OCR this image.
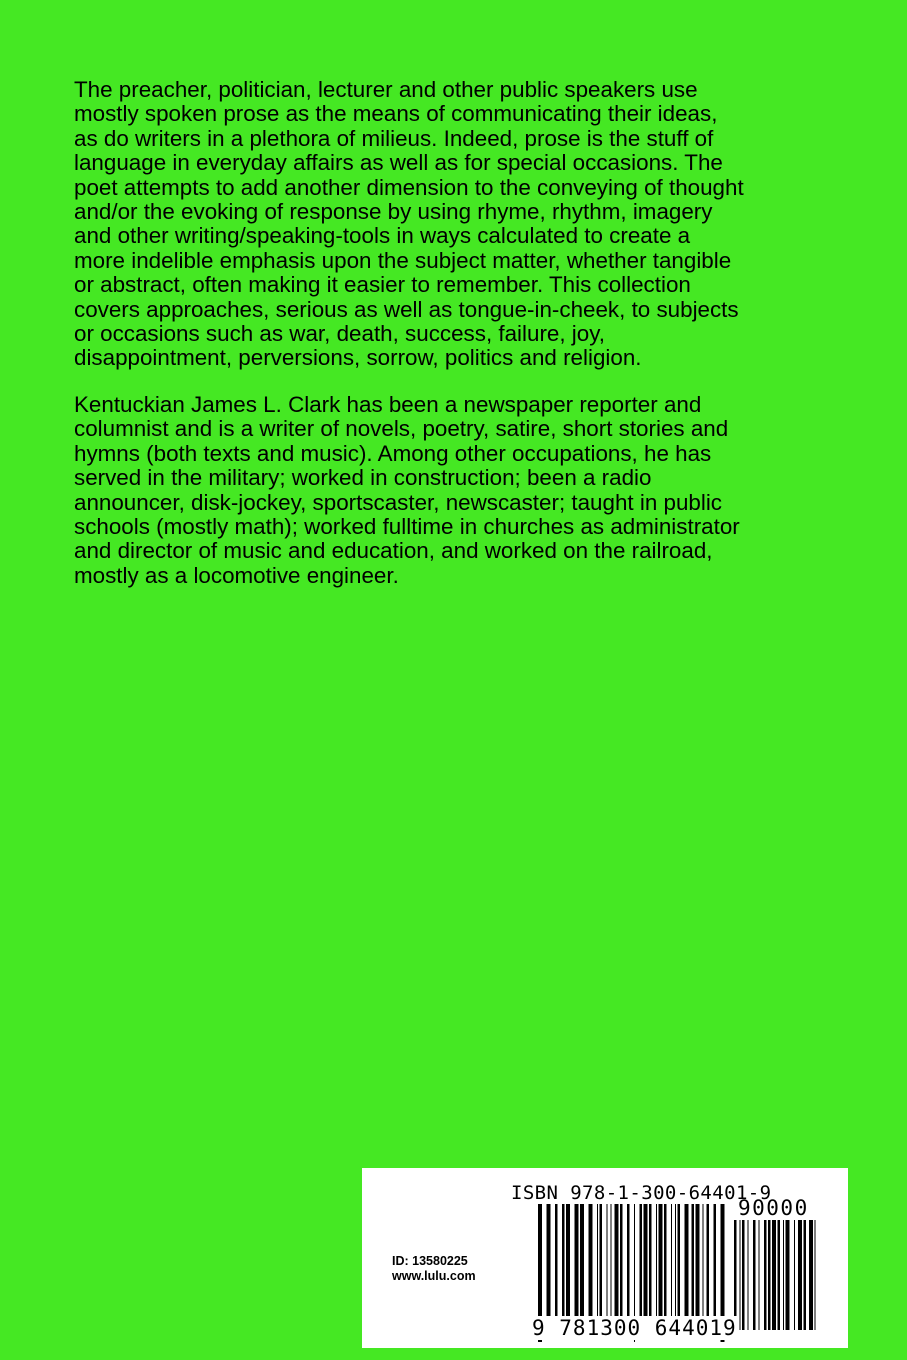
The preacher, politician, lecturer and other public speakers use
mostly spoken prose as the means of communicating their ideas,
as do writers in a plethora of milieus. Indeed, prose is the stuff of
language in everyday affairs as well as for special occasions. The
poet attempts to add another dimension to the conveying of thought
and/or the evoking of response by using rhyme, rhythm, imagery
and other writing/speaking-tools in ways calculated to create a
more indelible emphasis upon the subject matter, whether tangible
or abstract, often making it easier to remember. This collection
covers approaches, serious as well as tongue-in-cheek, to subjects
or occasions such as war, death, success, failure, joy,
disappointment, perversions, sorrow, politics and religion.

Kentuckian James L. Clark has been a newspaper reporter and
columnist and is a writer of novels, poetry, satire, short stories and
hymns (both texts and music). Among other occupations, he has
served in the military; worked in construction; been a radio
announcer, disk-jockey, sportscaster, newscaster; taught in public
schools (mostly math); worked fulltime in churches as administrator
and director of music and education, and worked on the railroad,
mostly as a locomotive engineer.

ISBN 978-1-300-64401-9
ID: 13580225
www.lulu.com
90000
9 781300 644019
